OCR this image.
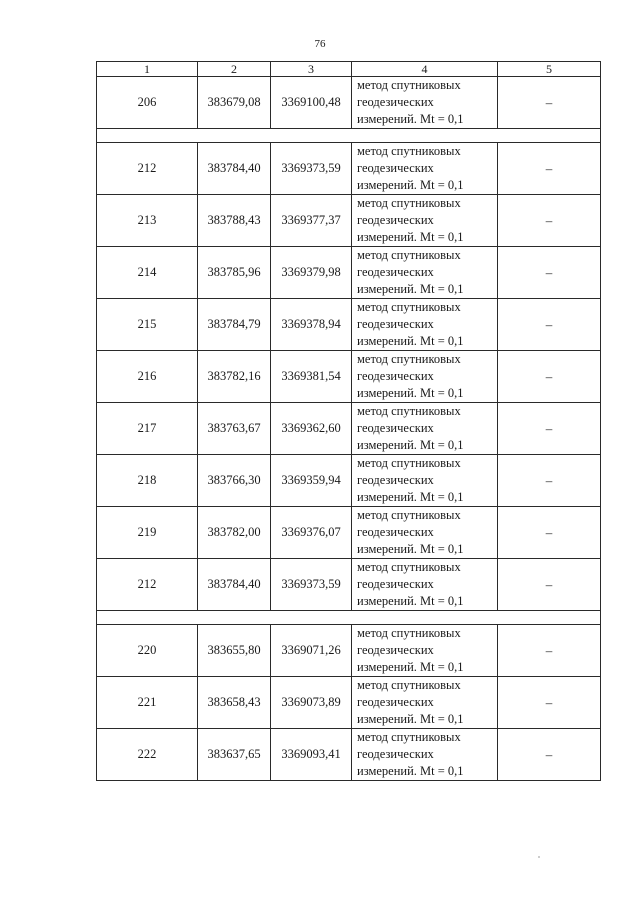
76
1	2	3	4	5
206	383679,08	3369100,48	метод спутниковых
геодезических
измерений. Mt = 0,1	–

212	383784,40	3369373,59	метод спутниковых
геодезических
измерений. Mt = 0,1	–
213	383788,43	3369377,37	метод спутниковых
геодезических
измерений. Mt = 0,1	–
214	383785,96	3369379,98	метод спутниковых
геодезических
измерений. Mt = 0,1	–
215	383784,79	3369378,94	метод спутниковых
геодезических
измерений. Mt = 0,1	–
216	383782,16	3369381,54	метод спутниковых
геодезических
измерений. Mt = 0,1	–
217	383763,67	3369362,60	метод спутниковых
геодезических
измерений. Mt = 0,1	–
218	383766,30	3369359,94	метод спутниковых
геодезических
измерений. Mt = 0,1	–
219	383782,00	3369376,07	метод спутниковых
геодезических
измерений. Mt = 0,1	–
212	383784,40	3369373,59	метод спутниковых
геодезических
измерений. Mt = 0,1	–

220	383655,80	3369071,26	метод спутниковых
геодезических
измерений. Mt = 0,1	–
221	383658,43	3369073,89	метод спутниковых
геодезических
измерений. Mt = 0,1	–
222	383637,65	3369093,41	метод спутниковых
геодезических
измерений. Mt = 0,1	–
